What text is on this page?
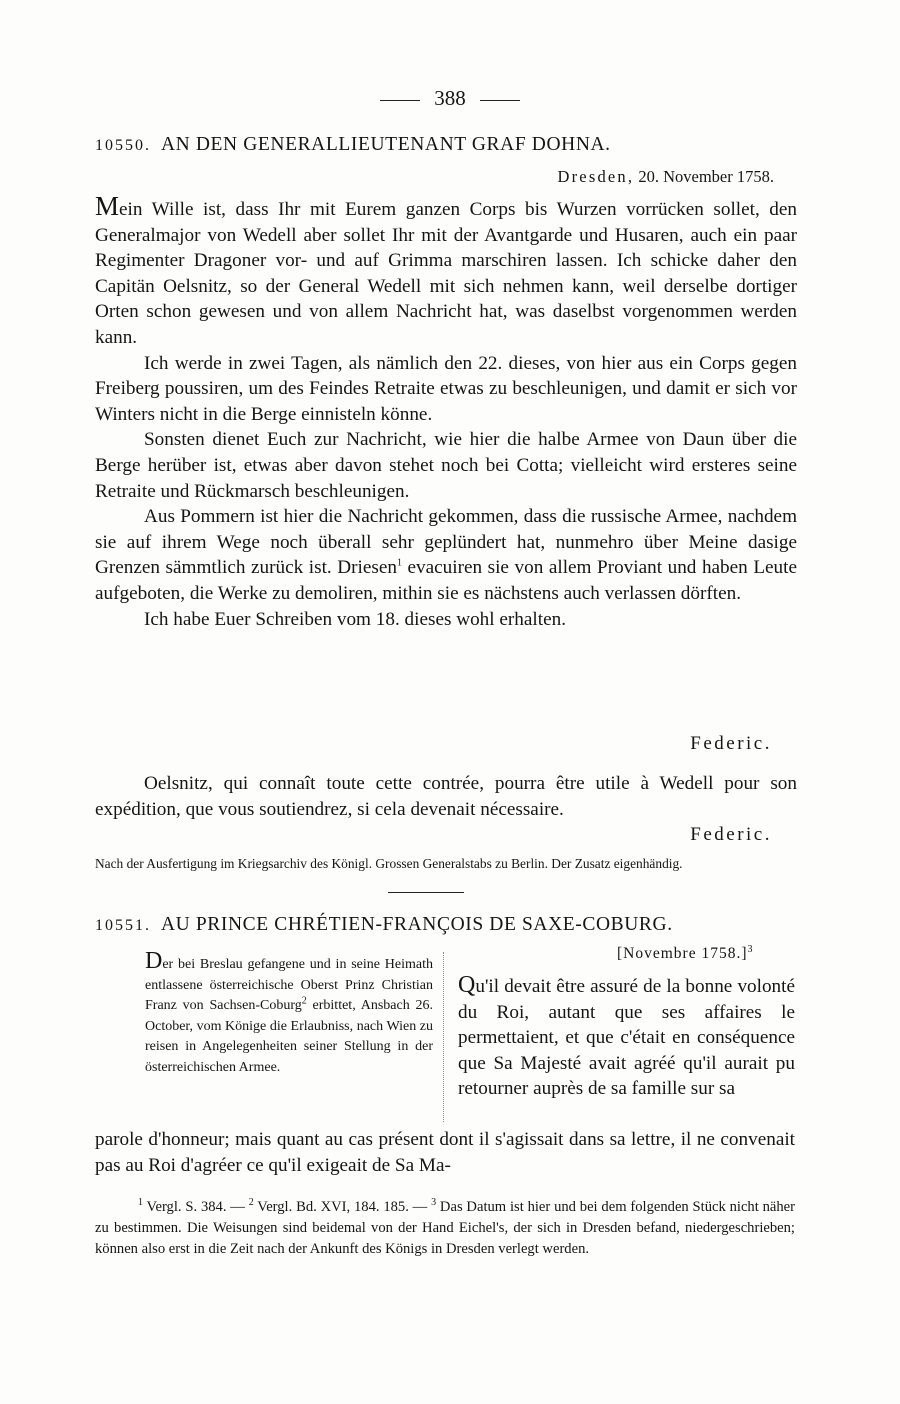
388
10550. AN DEN GENERALLIEUTENANT GRAF DOHNA.
Dresden, 20. November 1758.

Mein Wille ist, dass Ihr mit Eurem ganzen Corps bis Wurzen vorrücken sollet, den Generalmajor von Wedell aber sollet Ihr mit der Avantgarde und Husaren, auch ein paar Regimenter Dragoner vor- und auf Grimma marschiren lassen. Ich schicke daher den Capitän Oelsnitz, so der General Wedell mit sich nehmen kann, weil derselbe dortiger Orten schon gewesen und von allem Nachricht hat, was daselbst vorgenommen werden kann.

Ich werde in zwei Tagen, als nämlich den 22. dieses, von hier aus ein Corps gegen Freiberg poussiren, um des Feindes Retraite etwas zu beschleunigen, und damit er sich vor Winters nicht in die Berge einnisteln könne.

Sonsten dienet Euch zur Nachricht, wie hier die halbe Armee von Daun über die Berge herüber ist, etwas aber davon stehet noch bei Cotta; vielleicht wird ersteres seine Retraite und Rückmarsch beschleunigen.

Aus Pommern ist hier die Nachricht gekommen, dass die russische Armee, nachdem sie auf ihrem Wege noch überall sehr geplündert hat, nunmehro über Meine dasige Grenzen sämmtlich zurück ist. Driesen$^1$ evacuiren sie von allem Proviant und haben Leute aufgeboten, die Werke zu demoliren, mithin sie es nächstens auch verlassen dörften.

Ich habe Euer Schreiben vom 18. dieses wohl erhalten.

Federic.

Oelsnitz, qui connaît toute cette contrée, pourra être utile à Wedell pour son expédition, que vous soutiendrez, si cela devenait nécessaire.

Federic.
Nach der Ausfertigung im Kriegsarchiv des Königl. Grossen Generalstabs zu Berlin. Der Zusatz eigenhändig.
10551. AU PRINCE CHRÉTIEN-FRANÇOIS DE SAXE-COBURG.
Der bei Breslau gefangene und in seine Heimath entlassene österreichische Oberst Prinz Christian Franz von Sachsen-Coburg$^2$ erbittet, Ansbach 26. October, vom Könige die Erlaubniss, nach Wien zu reisen in Angelegenheiten seiner Stellung in der österreichischen Armee.
[Novembre 1758.]$^3$
Qu'il devait être assuré de la bonne volonté du Roi, autant que ses affaires le permettaient, et que c'était en conséquence que Sa Majesté avait agréé qu'il aurait pu retourner auprès de sa famille sur sa
parole d'honneur; mais quant au cas présent dont il s'agissait dans sa lettre, il ne convenait pas au Roi d'agréer ce qu'il exigeait de Sa Ma-

$^1$ Vergl. S. 384. — $^2$ Vergl. Bd. XVI, 184. 185. — $^3$ Das Datum ist hier und bei dem folgenden Stück nicht näher zu bestimmen. Die Weisungen sind beidemal von der Hand Eichel's, der sich in Dresden befand, niedergeschrieben; können also erst in die Zeit nach der Ankunft des Königs in Dresden verlegt werden.
